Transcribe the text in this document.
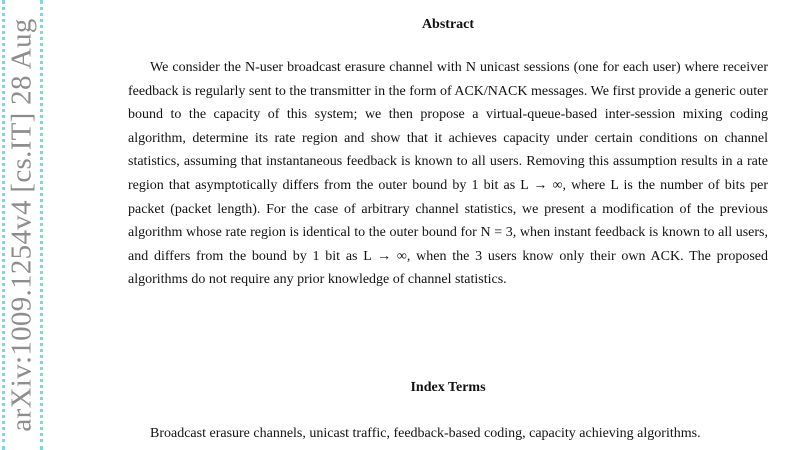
arXiv:1009.1254v4 [cs.IT] 28 Aug	Abstract

We consider the N-user broadcast erasure channel with N unicast sessions (one for each user) where receiver feedback is regularly sent to the transmitter in the form of ACK/NACK messages. We first provide a generic outer bound to the capacity of this system; we then propose a virtual-queue-based inter-session mixing coding algorithm, determine its rate region and show that it achieves capacity under certain conditions on channel statistics, assuming that instantaneous feedback is known to all users. Removing this assumption results in a rate region that asymptotically differs from the outer bound by 1 bit as L → ∞, where L is the number of bits per packet (packet length). For the case of arbitrary channel statistics, we present a modification of the previous algorithm whose rate region is identical to the outer bound for N = 3, when instant feedback is known to all users, and differs from the bound by 1 bit as L → ∞, when the 3 users know only their own ACK. The proposed algorithms do not require any prior knowledge of channel statistics.

Index Terms

Broadcast erasure channels, unicast traffic, feedback-based coding, capacity achieving algorithms.
